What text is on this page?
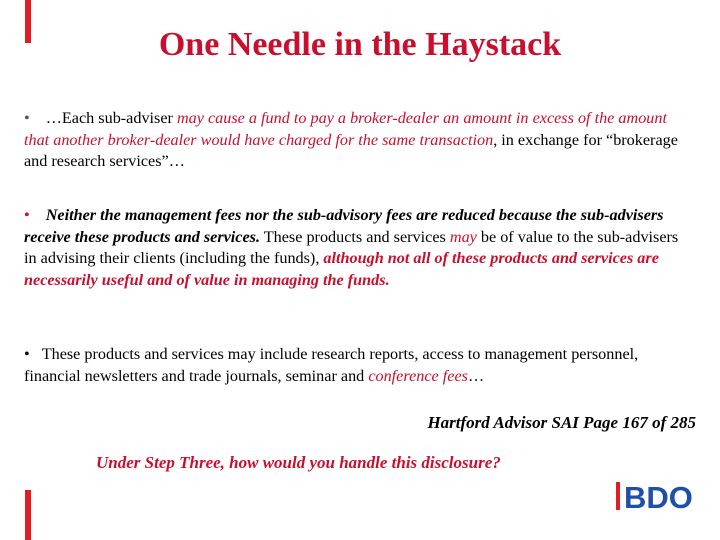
One Needle in the Haystack
• …Each sub-adviser may cause a fund to pay a broker-dealer an amount in excess of the amount that another broker-dealer would have charged for the same transaction, in exchange for “brokerage and research services”…
• Neither the management fees nor the sub-advisory fees are reduced because the sub-advisers receive these products and services. These products and services may be of value to the sub-advisers in advising their clients (including the funds), although not all of these products and services are necessarily useful and of value in managing the funds.
• These products and services may include research reports, access to management personnel, financial newsletters and trade journals, seminar and conference fees…
Hartford Advisor SAI Page 167 of 285
Under Step Three, how would you handle this disclosure?
BDO
